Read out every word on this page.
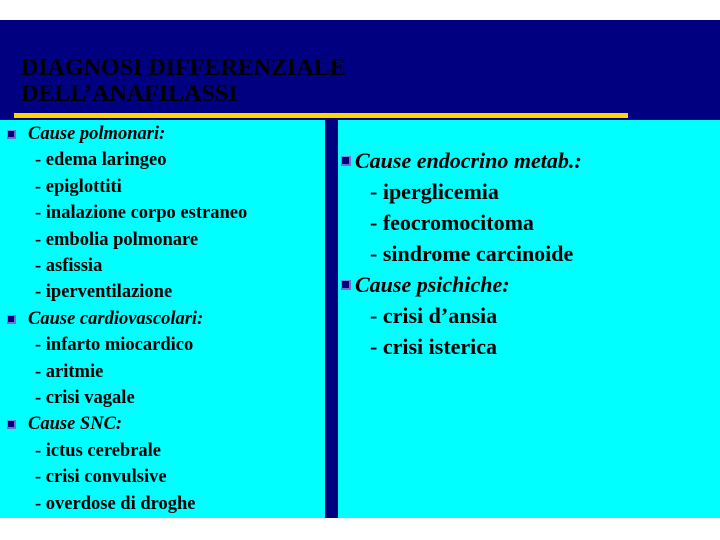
DIAGNOSI DIFFERENZIALE
DELL’ANAFILASSI
Cause polmonari:
- edema laringeo
- epiglottiti
- inalazione corpo estraneo
- embolia polmonare
- asfissia
- iperventilazione
Cause cardiovascolari:
- infarto miocardico
- aritmie
- crisi vagale
Cause SNC:
- ictus cerebrale
- crisi convulsive
- overdose di droghe
Cause endocrino metab.:
- iperglicemia
- feocromocitoma
- sindrome carcinoide
Cause psichiche:
- crisi d’ansia
- crisi isterica
